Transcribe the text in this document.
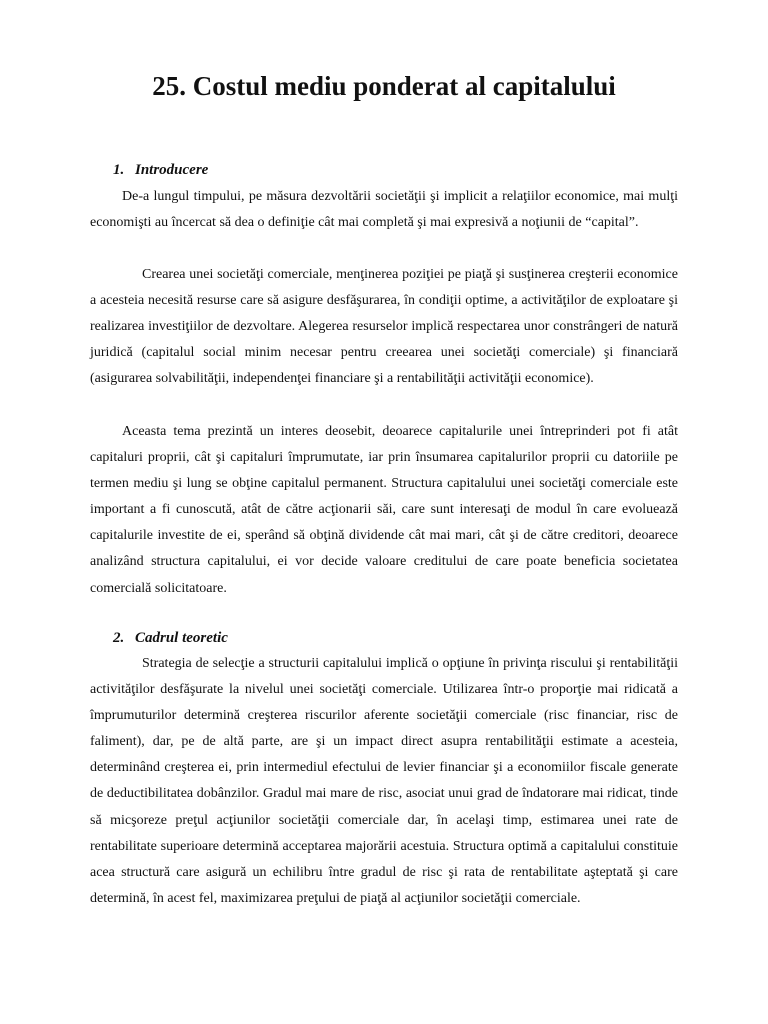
25. Costul mediu ponderat al capitalului
1. Introducere

De-a lungul timpului, pe măsura dezvoltării societăţii şi implicit a relaţiilor economice, mai mulţi economişti au încercat să dea o definiţie cât mai completă şi mai expresivă a noţiunii de “capital”.

Crearea unei societăţi comerciale, menţinerea poziţiei pe piaţă şi susţinerea creşterii economice a acesteia necesită resurse care să asigure desfăşurarea, în condiţii optime, a activităţilor de exploatare şi realizarea investiţiilor de dezvoltare. Alegerea resurselor implică respectarea unor constrângeri de natură juridică (capitalul social minim necesar pentru creearea unei societăţi comerciale) şi financiară (asigurarea solvabilităţii, independenţei financiare şi a rentabilităţii activităţii economice).

Aceasta tema prezintă un interes deosebit, deoarece capitalurile unei întreprinderi pot fi atât capitaluri proprii, cât şi capitaluri împrumutate, iar prin însumarea capitalurilor proprii cu datoriile pe termen mediu şi lung se obţine capitalul permanent. Structura capitalului unei societăţi comerciale este important a fi cunoscută, atât de către acţionarii săi, care sunt interesaţi de modul în care evoluează capitalurile investite de ei, sperând să obţină dividende cât mai mari, cât şi de către creditori, deoarece analizând structura capitalului, ei vor decide valoare creditului de care poate beneficia societatea comercială solicitatoare.

2. Cadrul teoretic

Strategia de selecţie a structurii capitalului implică o opţiune în privinţa riscului şi rentabilităţii activităţilor desfăşurate la nivelul unei societăţi comerciale. Utilizarea într-o proporţie mai ridicată a împrumuturilor determină creşterea riscurilor aferente societăţii comerciale (risc financiar, risc de faliment), dar, pe de altă parte, are şi un impact direct asupra rentabilităţii estimate a acesteia, determinând creşterea ei, prin intermediul efectului de levier financiar şi a economiilor fiscale generate de deductibilitatea dobânzilor. Gradul mai mare de risc, asociat unui grad de îndatorare mai ridicat, tinde să micşoreze preţul acţiunilor societăţii comerciale dar, în acelaşi timp, estimarea unei rate de rentabilitate superioare determină acceptarea majorării acestuia. Structura optimă a capitalului constituie acea structură care asigură un echilibru între gradul de risc şi rata de rentabilitate aşteptată şi care determină, în acest fel, maximizarea preţului de piaţă al acţiunilor societăţii comerciale.
